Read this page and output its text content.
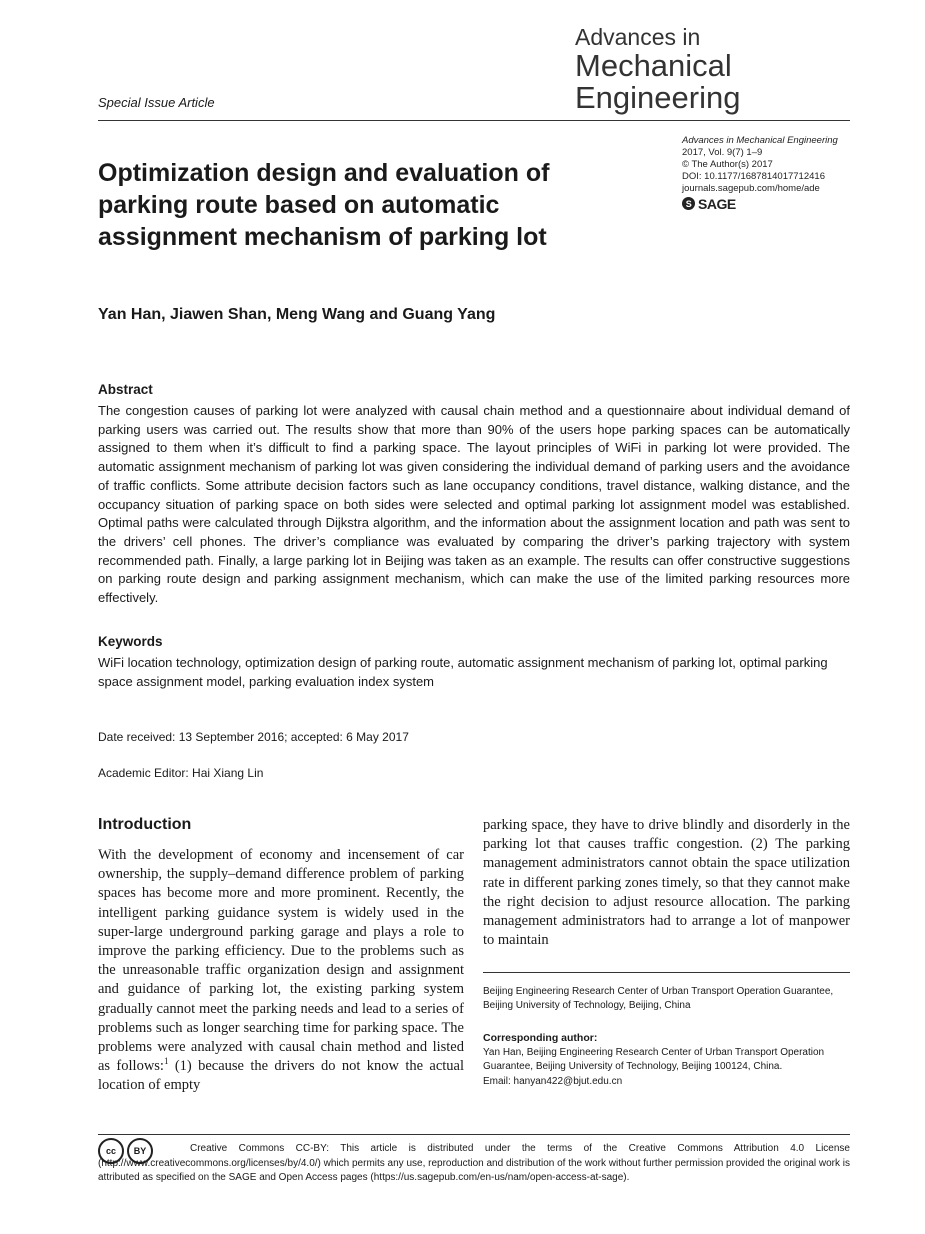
Advances in
Mechanical
Engineering
Special Issue Article
Advances in Mechanical Engineering
2017, Vol. 9(7) 1–9
© The Author(s) 2017
DOI: 10.1177/1687814017712416
journals.sagepub.com/home/ade
S SAGE
Optimization design and evaluation of parking route based on automatic assignment mechanism of parking lot
Yan Han, Jiawen Shan, Meng Wang and Guang Yang
Abstract
The congestion causes of parking lot were analyzed with causal chain method and a questionnaire about individual demand of parking users was carried out. The results show that more than 90% of the users hope parking spaces can be automatically assigned to them when it’s difficult to find a parking space. The layout principles of WiFi in parking lot were provided. The automatic assignment mechanism of parking lot was given considering the individual demand of parking users and the avoidance of traffic conflicts. Some attribute decision factors such as lane occupancy conditions, travel distance, walking distance, and the occupancy situation of parking space on both sides were selected and optimal parking lot assignment model was established. Optimal paths were calculated through Dijkstra algorithm, and the information about the assignment location and path was sent to the drivers’ cell phones. The driver’s compliance was evaluated by comparing the driver’s parking trajectory with system recommended path. Finally, a large parking lot in Beijing was taken as an example. The results can offer constructive suggestions on parking route design and parking assignment mechanism, which can make the use of the limited parking resources more effectively.
Keywords
WiFi location technology, optimization design of parking route, automatic assignment mechanism of parking lot, optimal parking space assignment model, parking evaluation index system
Date received: 13 September 2016; accepted: 6 May 2017
Academic Editor: Hai Xiang Lin
Introduction
With the development of economy and incensement of car ownership, the supply–demand difference problem of parking spaces has become more and more prominent. Recently, the intelligent parking guidance system is widely used in the super-large underground parking garage and plays a role to improve the parking efficiency. Due to the problems such as the unreasonable traffic organization design and assignment and guidance of parking lot, the existing parking system gradually cannot meet the parking needs and lead to a series of problems such as longer searching time for parking space. The problems were analyzed with causal chain method and listed as follows:$^1$ (1) because the drivers do not know the actual location of empty
parking space, they have to drive blindly and disorderly in the parking lot that causes traffic congestion. (2) The parking management administrators cannot obtain the space utilization rate in different parking zones timely, so that they cannot make the right decision to adjust resource allocation. The parking management administrators had to arrange a lot of manpower to maintain
Beijing Engineering Research Center of Urban Transport Operation Guarantee, Beijing University of Technology, Beijing, China
Corresponding author:
Yan Han, Beijing Engineering Research Center of Urban Transport Operation Guarantee, Beijing University of Technology, Beijing 100124, China.
Email: hanyan422@bjut.edu.cn
cc	BY	Creative Commons CC-BY: This article is distributed under the terms of the Creative Commons Attribution 4.0 License (http://www.creativecommons.org/licenses/by/4.0/) which permits any use, reproduction and distribution of the work without further permission provided the original work is attributed as specified on the SAGE and Open Access pages (https://us.sagepub.com/en-us/nam/open-access-at-sage).
